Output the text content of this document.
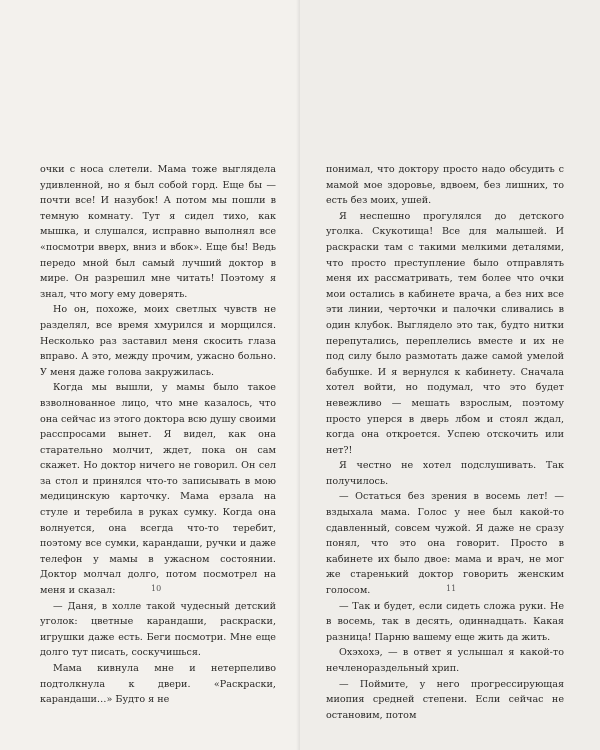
очки с носа слетели. Мама тоже выглядела удивленной, но я был собой горд. Еще бы — почти все! И назубок! А потом мы пошли в темную комнату. Тут я сидел тихо, как мышка, и слушался, исправно выполнял все «посмотри вверх, вниз и вбок». Еще бы! Ведь передо мной был самый лучший доктор в мире. Он разрешил мне читать! Поэтому я знал, что могу ему доверять.

Но он, похоже, моих светлых чувств не разделял, все время хмурился и морщился. Несколько раз заставил меня скосить глаза вправо. А это, между прочим, ужасно больно. У меня даже голова закружилась.

Когда мы вышли, у мамы было такое взволнованное лицо, что мне казалось, что она сейчас из этого доктора всю душу своими расспросами вынет. Я видел, как она старательно молчит, ждет, пока он сам скажет. Но доктор ничего не говорил. Он сел за стол и принялся что-то записывать в мою медицинскую карточку. Мама ерзала на стуле и теребила в руках сумку. Когда она волнуется, она всегда что-то теребит, поэтому все сумки, карандаши, ручки и даже телефон у мамы в ужасном состоянии. Доктор молчал долго, потом посмотрел на меня и сказал:

— Даня, в холле такой чудесный детский уголок: цветные карандаши, раскраски, игрушки даже есть. Беги посмотри. Мне еще долго тут писать, соскучишься.

Мама кивнула мне и нетерпеливо подтолкнула к двери. «Раскраски, карандаши…» Будто я не

10

понимал, что доктору просто надо обсудить с мамой мое здоровье, вдвоем, без лишних, то есть без моих, ушей.

Я неспешно прогулялся до детского уголка. Скукотища! Все для малышей. И раскраски там с такими мелкими деталями, что просто преступление было отправлять меня их рассматривать, тем более что очки мои остались в кабинете врача, а без них все эти линии, черточки и палочки сливались в один клубок. Выглядело это так, будто нитки перепутались, переплелись вместе и их не под силу было размотать даже самой умелой бабушке. И я вернулся к кабинету. Сначала хотел войти, но подумал, что это будет невежливо — мешать взрослым, поэтому просто уперся в дверь лбом и стоял ждал, когда она откроется. Успею отскочить или нет?!

Я честно не хотел подслушивать. Так получилось.

— Остаться без зрения в восемь лет! — вздыхала мама. Голос у нее был какой-то сдавленный, совсем чужой. Я даже не сразу понял, что это она говорит. Просто в кабинете их было двое: мама и врач, не мог же старенький доктор говорить женским голосом.

— Так и будет, если сидеть сложа руки. Не в восемь, так в десять, одиннадцать. Какая разница! Парню вашему еще жить да жить.

Охэхохэ, — в ответ я услышал я какой-то нечленораздельный хрип.

— Поймите, у него прогрессирующая миопия средней степени. Если сейчас не остановим, потом

11
